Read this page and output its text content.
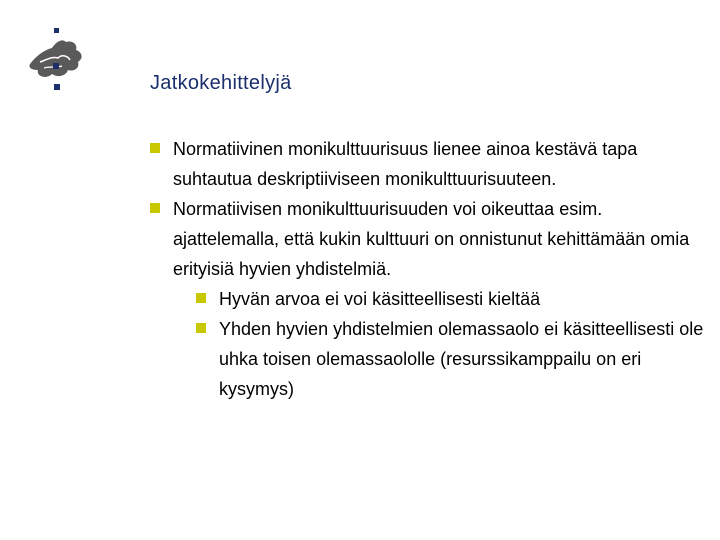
Jatkokehittelyjä
Normatiivinen monikulttuurisuus lienee ainoa kestävä tapa suhtautua deskriptiiviseen monikulttuurisuuteen.
Normatiivisen monikulttuurisuuden voi oikeuttaa esim. ajattelemalla, että kukin kulttuuri on onnistunut kehittämään omia erityisiä hyvien yhdistelmiä.
Hyvän arvoa ei voi käsitteellisesti kieltää
Yhden hyvien yhdistelmien olemassaolo ei käsitteellisesti ole uhka toisen olemassaololle (resurssikamppailu on eri kysymys)
